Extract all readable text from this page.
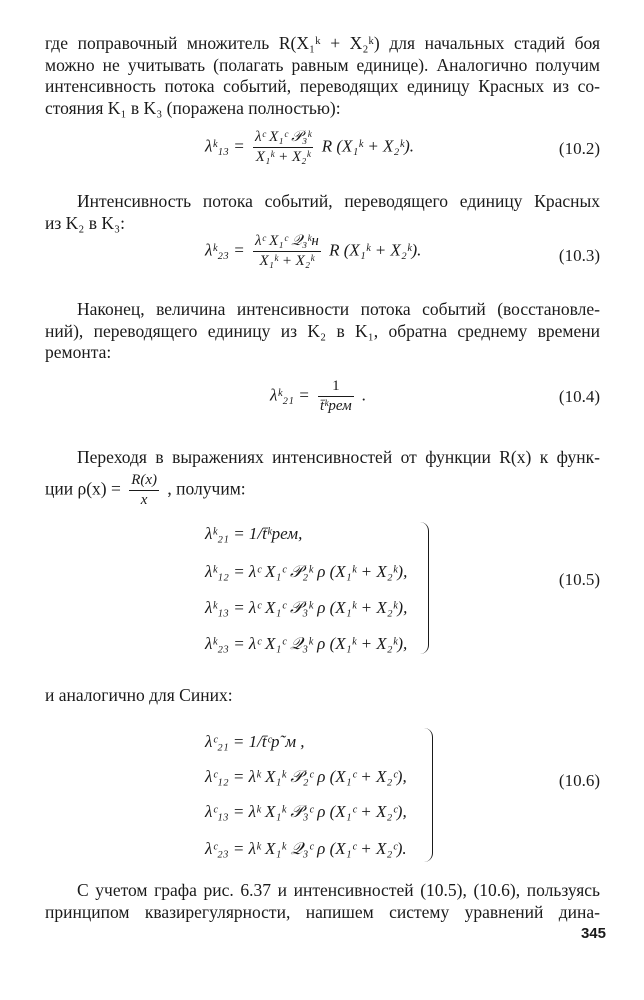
где поправочный множитель R(X₁ᵏ + X₂ᵏ) для начальных стадий боя
можно не учитывать (полагать равным единице). Аналогично получим
интенсивность потока событий, переводящих единицу Красных из со-
стояния K₁ в K₃ (поражена полностью):
λᵏ₁₃ = $\frac{\text{λᶜ X₁ᶜ 𝒫₃ᵏ}}{\text{X₁ᵏ + X₂ᵏ}}$ R (X₁ᵏ + X₂ᵏ).	(10.2)
Интенсивность потока событий, переводящего единицу Красных
из K₂ в K₃:
λᵏ₂₃ = $\frac{\text{λᶜ X₁ᶜ 𝒬₃ᵏн}}{\text{X₁ᵏ + X₂ᵏ}}$ R (X₁ᵏ + X₂ᵏ).	(10.3)
Наконец, величина интенсивности потока событий (восстановле-
ний), переводящего единицу из K₂ в K₁, обратна среднему времени
ремонта:
λᵏ₂₁ = $\frac{1}{\text{t̄ᵏрем}}$ .	(10.4)
Переходя в выражениях интенсивностей от функции R(x) к функ-
ции $\rho(x) = \frac{R(x)}{x}$ , получим:
λᵏ₂₁ = 1/t̄ᵏрем,
λᵏ₁₂ = λᶜ X₁ᶜ 𝒫₂ᵏ ρ (X₁ᵏ + X₂ᵏ),
λᵏ₁₃ = λᶜ X₁ᶜ 𝒫₃ᵏ ρ (X₁ᵏ + X₂ᵏ),
λᵏ₂₃ = λᶜ X₁ᶜ 𝒬₃ᵏ ρ (X₁ᵏ + X₂ᵏ),
(10.5)
и аналогично для Синих:
λᶜ₂₁ = 1/t̄ᶜр˜м ,
λᶜ₁₂ = λᵏ X₁ᵏ 𝒫₂ᶜ ρ (X₁ᶜ + X₂ᶜ),
λᶜ₁₃ = λᵏ X₁ᵏ 𝒫₃ᶜ ρ (X₁ᶜ + X₂ᶜ),
λᶜ₂₃ = λᵏ X₁ᵏ 𝒬₃ᶜ ρ (X₁ᶜ + X₂ᶜ).
(10.6)
С учетом графа рис. 6.37 и интенсивностей (10.5), (10.6), пользуясь
принципом квазирегулярности, напишем систему уравнений дина-
345
